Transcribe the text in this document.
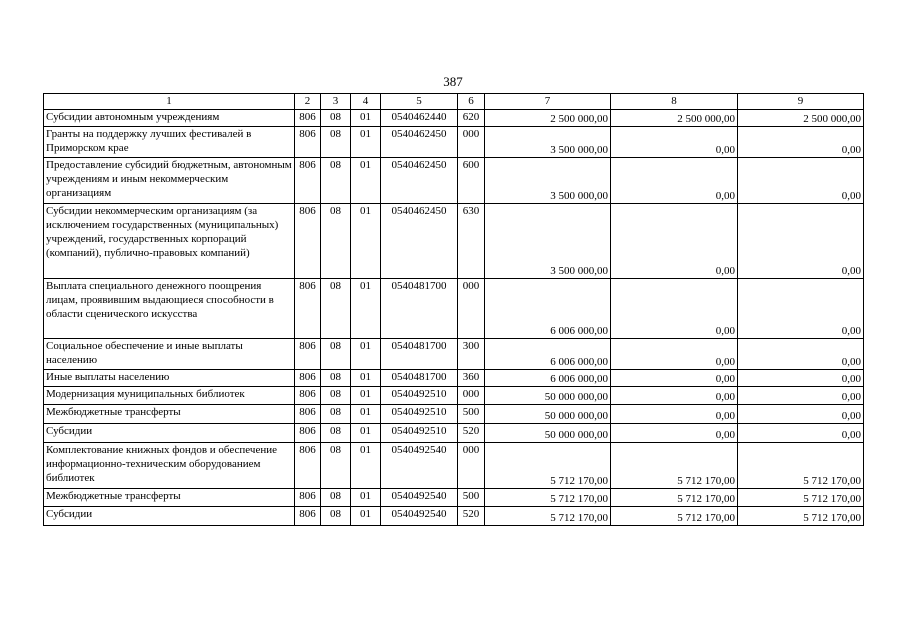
387
1	2	3	4	5	6	7	8	9
Субсидии автономным учреждениям	806	08	01	0540462440	620	2 500 000,00	2 500 000,00	2 500 000,00
Гранты на поддержку лучших фестивалей в Приморском крае	806	08	01	0540462450	000	3 500 000,00	0,00	0,00
Предоставление субсидий бюджетным, автономным учреждениям и иным некоммерческим организациям	806	08	01	0540462450	600	3 500 000,00	0,00	0,00
Субсидии некоммерческим организациям (за исключением государственных (муниципальных) учреждений, государственных корпораций (компаний), публично-правовых компаний)	806	08	01	0540462450	630	3 500 000,00	0,00	0,00
Выплата специального денежного поощрения лицам, проявившим выдающиеся способности в области сценического искусства	806	08	01	0540481700	000	6 006 000,00	0,00	0,00
Социальное обеспечение и иные выплаты населению	806	08	01	0540481700	300	6 006 000,00	0,00	0,00
Иные выплаты населению	806	08	01	0540481700	360	6 006 000,00	0,00	0,00
Модернизация муниципальных библиотек	806	08	01	0540492510	000	50 000 000,00	0,00	0,00
Межбюджетные трансферты	806	08	01	0540492510	500	50 000 000,00	0,00	0,00
Субсидии	806	08	01	0540492510	520	50 000 000,00	0,00	0,00
Комплектование книжных фондов и обеспечение информационно-техническим оборудованием библиотек	806	08	01	0540492540	000	5 712 170,00	5 712 170,00	5 712 170,00
Межбюджетные трансферты	806	08	01	0540492540	500	5 712 170,00	5 712 170,00	5 712 170,00
Субсидии	806	08	01	0540492540	520	5 712 170,00	5 712 170,00	5 712 170,00
